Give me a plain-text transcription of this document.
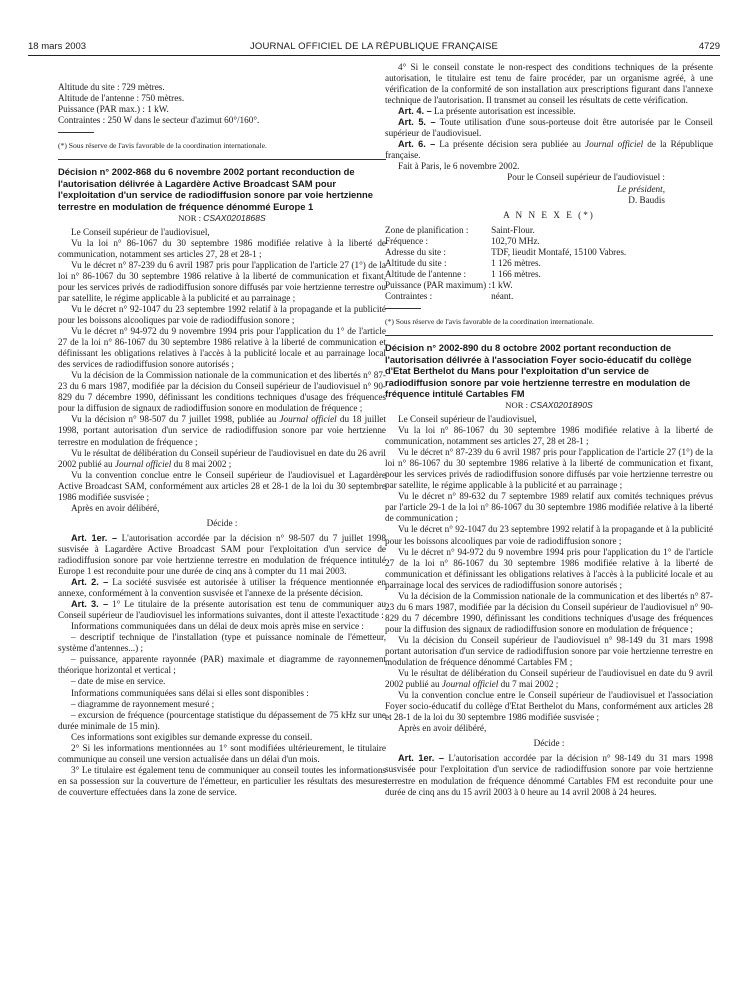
18 mars 2003	JOURNAL OFFICIEL DE LA RÉPUBLIQUE FRANÇAISE	4729

Altitude du site : 729 mètres.

Altitude de l'antenne : 750 mètres.

Puissance (PAR max.) : 1 kW.

Contraintes : 250 W dans le secteur d'azimut 60°/160°.

(*) Sous réserve de l'avis favorable de la coordination internationale.

Décision n° 2002-868 du 6 novembre 2002 portant reconduction de l'autorisation délivrée à Lagardère Active Broadcast SAM pour l'exploitation d'un service de radiodiffusion sonore par voie hertzienne terrestre en modulation de fréquence dénommé Europe 1

NOR : CSAX0201868S

Le Conseil supérieur de l'audiovisuel,

Vu la loi n° 86-1067 du 30 septembre 1986 modifiée relative à la liberté de communication, notamment ses articles 27, 28 et 28-1 ;

Vu le décret n° 87-239 du 6 avril 1987 pris pour l'application de l'article 27 (1°) de la loi n° 86-1067 du 30 septembre 1986 relative à la liberté de communication et fixant, pour les services privés de radiodiffusion sonore diffusés par voie hertzienne terrestre ou par satellite, le régime applicable à la publicité et au parrainage ;

Vu le décret n° 92-1047 du 23 septembre 1992 relatif à la propagande et la publicité pour les boissons alcooliques par voie de radiodiffusion sonore ;

Vu le décret n° 94-972 du 9 novembre 1994 pris pour l'application du 1° de l'article 27 de la loi n° 86-1067 du 30 septembre 1986 relative à la liberté de communication et définissant les obligations relatives à l'accès à la publicité locale et au parrainage local des services de radiodiffusion sonore autorisés ;

Vu la décision de la Commission nationale de la communication et des libertés n° 87-23 du 6 mars 1987, modifiée par la décision du Conseil supérieur de l'audiovisuel n° 90-829 du 7 décembre 1990, définissant les conditions techniques d'usage des fréquences pour la diffusion de signaux de radiodiffusion sonore en modulation de fréquence ;

Vu la décision n° 98-507 du 7 juillet 1998, publiée au Journal officiel du 18 juillet 1998, portant autorisation d'un service de radiodiffusion sonore par voie hertzienne terrestre en modulation de fréquence ;

Vu le résultat de délibération du Conseil supérieur de l'audiovisuel en date du 26 avril 2002 publié au Journal officiel du 8 mai 2002 ;

Vu la convention conclue entre le Conseil supérieur de l'audiovisuel et Lagardère Active Broadcast SAM, conformément aux articles 28 et 28-1 de la loi du 30 septembre 1986 modifiée susvisée ;

Après en avoir délibéré,

Décide :

Art. 1er. – L'autorisation accordée par la décision n° 98-507 du 7 juillet 1998 susvisée à Lagardère Active Broadcast SAM pour l'exploitation d'un service de radiodiffusion sonore par voie hertzienne terrestre en modulation de fréquence intitulé Europe 1 est reconduite pour une durée de cinq ans à compter du 11 mai 2003.

Art. 2. – La société susvisée est autorisée à utiliser la fréquence mentionnée en annexe, conformément à la convention susvisée et l'annexe de la présente décision.

Art. 3. – 1° Le titulaire de la présente autorisation est tenu de communiquer au Conseil supérieur de l'audiovisuel les informations suivantes, dont il atteste l'exactitude :

Informations communiquées dans un délai de deux mois après mise en service :

– descriptif technique de l'installation (type et puissance nominale de l'émetteur, système d'antennes...) ;

– puissance, apparente rayonnée (PAR) maximale et diagramme de rayonnement théorique horizontal et vertical ;

– date de mise en service.

Informations communiquées sans délai si elles sont disponibles :

– diagramme de rayonnement mesuré ;

– excursion de fréquence (pourcentage statistique du dépassement de 75 kHz sur une durée minimale de 15 min).

Ces informations sont exigibles sur demande expresse du conseil.

2° Si les informations mentionnées au 1° sont modifiées ultérieurement, le titulaire communique au conseil une version actualisée dans un délai d'un mois.

3° Le titulaire est également tenu de communiquer au conseil toutes les informations en sa possession sur la couverture de l'émetteur, en particulier les résultats des mesures de couverture effectuées dans la zone de service.

4° Si le conseil constate le non-respect des conditions techniques de la présente autorisation, le titulaire est tenu de faire procéder, par un organisme agréé, à une vérification de la conformité de son installation aux prescriptions figurant dans l'annexe technique de l'autorisation. Il transmet au conseil les résultats de cette vérification.

Art. 4. – La présente autorisation est incessible.

Art. 5. – Toute utilisation d'une sous-porteuse doit être autorisée par le Conseil supérieur de l'audiovisuel.

Art. 6. – La présente décision sera publiée au Journal officiel de la République française.

Fait à Paris, le 6 novembre 2002.

Pour le Conseil supérieur de l'audiovisuel :

Le président,

D. Baudis

A N N E X E (*)

Zone de planification :	Saint-Flour.
Fréquence :	102,70 MHz.
Adresse du site :	TDF, lieudit Montafé, 15100 Vabres.
Altitude du site :	1 126 mètres.
Altitude de l'antenne :	1 166 mètres.
Puissance (PAR maximum) :	1 kW.
Contraintes :	néant.

(*) Sous réserve de l'avis favorable de la coordination internationale.

Décision n° 2002-890 du 8 octobre 2002 portant reconduction de l'autorisation délivrée à l'association Foyer socio-éducatif du collège d'Etat Berthelot du Mans pour l'exploitation d'un service de radiodiffusion sonore par voie hertzienne terrestre en modulation de fréquence intitulé Cartables FM

NOR : CSAX0201890S

Le Conseil supérieur de l'audiovisuel,

Vu la loi n° 86-1067 du 30 septembre 1986 modifiée relative à la liberté de communication, notamment ses articles 27, 28 et 28-1 ;

Vu le décret n° 87-239 du 6 avril 1987 pris pour l'application de l'article 27 (1°) de la loi n° 86-1067 du 30 septembre 1986 relative à la liberté de communication et fixant, pour les services privés de radiodiffusion sonore diffusés par voie hertzienne terrestre ou par satellite, le régime applicable à la publicité et au parrainage ;

Vu le décret n° 89-632 du 7 septembre 1989 relatif aux comités techniques prévus par l'article 29-1 de la loi n° 86-1067 du 30 septembre 1986 modifiée relative à la liberté de communication ;

Vu le décret n° 92-1047 du 23 septembre 1992 relatif à la propagande et à la publicité pour les boissons alcooliques par voie de radiodiffusion sonore ;

Vu le décret n° 94-972 du 9 novembre 1994 pris pour l'application du 1° de l'article 27 de la loi n° 86-1067 du 30 septembre 1986 modifiée relative à la liberté de communication et définissant les obligations relatives à l'accès à la publicité locale et au parrainage local des services de radiodiffusion sonore autorisés ;

Vu la décision de la Commission nationale de la communication et des libertés n° 87-23 du 6 mars 1987, modifiée par la décision du Conseil supérieur de l'audiovisuel n° 90-829 du 7 décembre 1990, définissant les conditions techniques d'usage des fréquences pour la diffusion des signaux de radiodiffusion sonore en modulation de fréquence ;

Vu la décision du Conseil supérieur de l'audiovisuel n° 98-149 du 31 mars 1998 portant autorisation d'un service de radiodiffusion sonore par voie hertzienne terrestre en modulation de fréquence dénommé Cartables FM ;

Vu le résultat de délibération du Conseil supérieur de l'audiovisuel en date du 9 avril 2002 publié au Journal officiel du 7 mai 2002 ;

Vu la convention conclue entre le Conseil supérieur de l'audiovisuel et l'association Foyer socio-éducatif du collège d'Etat Berthelot du Mans, conformément aux articles 28 et 28-1 de la loi du 30 septembre 1986 modifiée susvisée ;

Après en avoir délibéré,

Décide :

Art. 1er. – L'autorisation accordée par la décision n° 98-149 du 31 mars 1998 susvisée pour l'exploitation d'un service de radiodiffusion sonore par voie hertzienne terrestre en modulation de fréquence dénommé Cartables FM est reconduite pour une durée de cinq ans du 15 avril 2003 à 0 heure au 14 avril 2008 à 24 heures.
